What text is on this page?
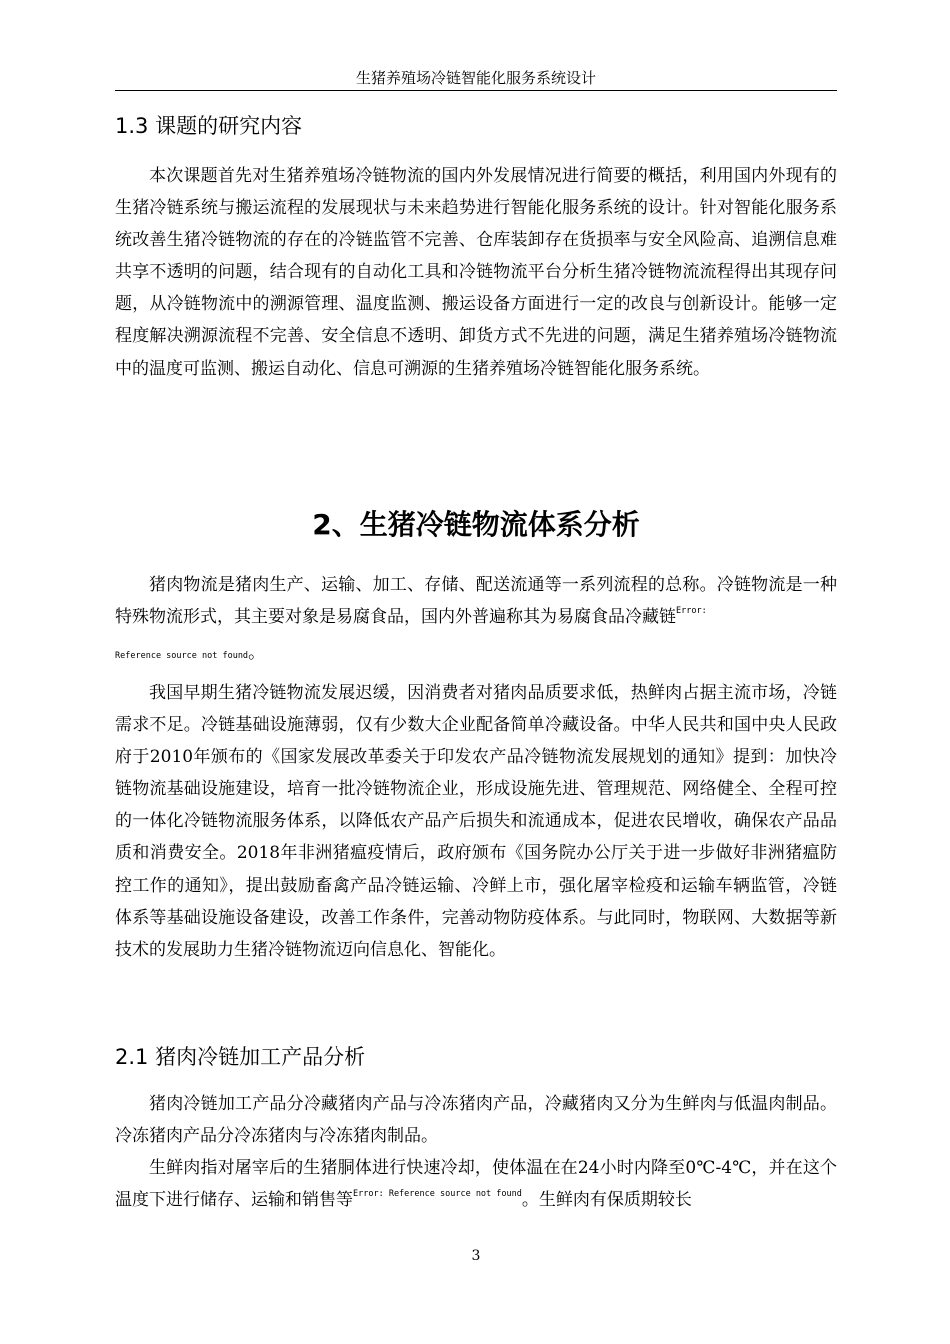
生猪养殖场冷链智能化服务系统设计
1.3 课题的研究内容

本次课题首先对生猪养殖场冷链物流的国内外发展情况进行简要的概括，利用国内外现有的生猪冷链系统与搬运流程的发展现状与未来趋势进行智能化服务系统的设计。针对智能化服务系统改善生猪冷链物流的存在的冷链监管不完善、仓库装卸存在货损率与安全风险高、追溯信息难共享不透明的问题，结合现有的自动化工具和冷链物流平台分析生猪冷链物流流程得出其现存问题，从冷链物流中的溯源管理、温度监测、搬运设备方面进行一定的改良与创新设计。能够一定程度解决溯源流程不完善、安全信息不透明、卸货方式不先进的问题，满足生猪养殖场冷链物流中的温度可监测、搬运自动化、信息可溯源的生猪养殖场冷链智能化服务系统。

2、生猪冷链物流体系分析

猪肉物流是猪肉生产、运输、加工、存储、配送流通等一系列流程的总称。冷链物流是一种特殊物流形式，其主要对象是易腐食品，国内外普遍称其为易腐食品冷藏链$^{Error:}$

Reference source not found。

我国早期生猪冷链物流发展迟缓，因消费者对猪肉品质要求低，热鲜肉占据主流市场，冷链需求不足。冷链基础设施薄弱，仅有少数大企业配备简单冷藏设备。中华人民共和国中央人民政府于2010年颁布的《国家发展改革委关于印发农产品冷链物流发展规划的通知》提到：加快冷链物流基础设施建设，培育一批冷链物流企业，形成设施先进、管理规范、网络健全、全程可控的一体化冷链物流服务体系，以降低农产品产后损失和流通成本，促进农民增收，确保农产品品质和消费安全。2018年非洲猪瘟疫情后，政府颁布《国务院办公厅关于进一步做好非洲猪瘟防控工作的通知》，提出鼓励畜禽产品冷链运输、冷鲜上市，强化屠宰检疫和运输车辆监管，冷链体系等基础设施设备建设，改善工作条件，完善动物防疫体系。与此同时，物联网、大数据等新技术的发展助力生猪冷链物流迈向信息化、智能化。

2.1 猪肉冷链加工产品分析

猪肉冷链加工产品分冷藏猪肉产品与冷冻猪肉产品，冷藏猪肉又分为生鲜肉与低温肉制品。冷冻猪肉产品分冷冻猪肉与冷冻猪肉制品。

生鲜肉指对屠宰后的生猪胴体进行快速冷却，使体温在在24小时内降至0℃-4℃，并在这个温度下进行储存、运输和销售等$^{Error: Reference source not found}$。生鲜肉有保质期较长

3
